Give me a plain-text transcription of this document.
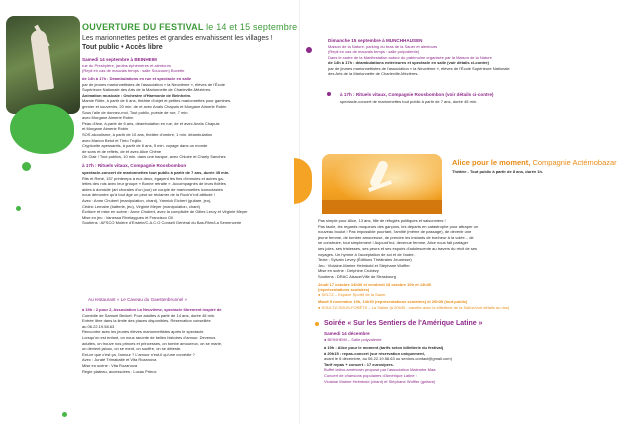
OUVERTURE DU FESTIVAL le 14 et 15 septembre
Les marionnettes petites et grandes envahissent les villages !
Tout public • Accès libre
Samedi 14 septembre à BEINHEIM
rue du Presbytère, jardins éphémères et alentours
(Repli en cas de mauvais temps : salle Soucoum) Buvette
de 14h à 17h : Déambulations en rue et spectacle en salle
par de jeunes marionnettistes de l'association « la Neuvième », élèves de l'École
Supérieure Nationale des Arts de la Marionnette de Charleville-Mézières.
Animation musicale : Orchestre d'Harmonie de Beinheim.
Mamie Rötie, à partir de 6 ans, théâtre d'objet et petites marionnettes pour gamines,
grenier et souvenirs, 20 min. de et avec Anaïs Chapuis et Morgane Aimerie Robin
Sous l'aile de donnez-moi, Tout public, poésie de rue, 7 min.
avec Morgane Aimerie Robin
Peau d'âne, à partir de 6 ans, déambulation en rue, de et avec Anaïs Chapuis
et Morgane Aimerie Robin
SOS alcoolisme, à partir de 10 ans, théâtre d'ombre, 1 min. déambulation
avec Marion Belot et Théo Trujillo
Cryptonite apessantis, à partir de 6 ans, 5 min. voyage dans un monde
de sons et de reflets, de et avec Alice Chêne
Oh Clair ! Tout publics, 10 min. dans une barque, avec Chloée et Charly Sanchez
à 17h : Rituels vitaux, Compagnie Roosbombon
spectacle-concert de marionnettes tout public à partir de 7 ans, durée 45 min.
Rits et René, 157 printemps à eux deux, égayent les fins d'ennuies et autres ga-
lettes des rois avec leur groupe « Bonne retraite ». Accompagnés de leurs fidèles
aides à domicile (art chorales d'un jour) ce couple de marionnettes iconoclastes
nous démontre qu'à tout âge on peut se réclamer de la Rock'n'roll attitude !
Avec : Anne Chubert (manipulation, chant), Yannick Eichert (guitare, jeu),
Cédric Lemaire (batterie, jeu), Virginie Meyer (manipulation, chant)
Écriture et mise en scène : Anne Chubert, avec la complicité de Gilles Leroy et Virginie Meyer
Mise en jeu : Vanessa Rivelaygues et Francisco Gil
Soutiens : AFSCO Molère d'Erstein/C.A.C.O Conseil Général du Bas-Rhin/La Semencerie
Au restaurant « Le Caveau du Gaestenbrunnel »
à 19h : 2 pour 2, Association La Neuvième, spectacle librement inspiré de
Comédie de Samuel Becket. Pour adultes à partir de 14 ans, durée 45 min.
Entrée libre dans la limite des places disponibles. Réservation conseillée
au 06.22.19.58.63
Rencontre avec les jeunes élèves marionnettistes après le spectacle.
Lorsqu'on est enfant, on nous raconte de belles histoires d'amour. Devenus
adultes, on trouve nos princes et princesses, on tombe amoureux, on se marie,
on devient jaloux, on se ment, on souffre, on se déteste.
Est-ce que c'est ça, l'amour ? L'amour n'est-il qu'une comédie ?
Avec : Juraté Trimakaité et Vita Rozanova
Mise en scène : Vita Rozanova
Régie plateau, accessoires : Lucas Prieux
Dimanche 15 septembre à MUNCHHAUSEN
Maison de la Nature, parking du bras de la Sauer et alentours
(Repli en cas de mauvais temps : salle polyvalente)
Dans le cadre de la Manifestation autour du patrimoine organisée par la Maison de la Nature
de 14h à 17h : déambulations extérieures et spectacle en salle (voir détails ci-contre)
par de jeunes marionnettistes de l'association « la Neuvième », élèves de l'École Supérieure Nationale
des Arts de la Marionnette de Charleville-Mézières.
à 17h : Rituels vitaux, Compagnie Roosbombon (voir détails ci-contre)
spectacle-concert de marionnettes tout public à partir de 7 ans, durée 45 min.
Alice pour le moment, Compagnie Actémobazar
Théâtre - Tout public à partir de 8 ans, durée 1h.
Pas simple pour Alice, 13 ans, fille de réfugiés politiques et saisonniers !
Pas facile, les regards moqueurs des garçons, les départs en catastrophe pour attraper un
nouveau boulot ! Pas impossible pourtant, l'amitié (même de passage), de devenir une
jeune femme, de tomber amoureuse, de prendre les instants de bonheur à la volée... de
se construire, tout simplement ! Aujourd'hui, devenue femme, Alice nous fait partager
ses joies, ses tristesses, ses peurs et ses espoirs d'adolescente au travers du récit de ses
voyages. Un hymne à l'acceptation de soi et de l'autre.
Texte : Sylvain Levey (Éditions Théâtrales Jeunesse)
Jeu : Violaine-Marine Helmbold et Stéphane Woffler
Mise en scène : Delphine Crubézy
Soutiens : DRAC Alsace/Ville de Strasbourg
Jeudi 17 octobre 14h30 et vendredi 18 octobre 10h et 14h30
(représentations scolaires)
● SELTZ – Espace Sportif de la Sauer
Mardi 5 novembre 10h, 14h30 (représentations scolaires) et 20h30 (tout public)
● SOULTZ-SOUS-FORÊTS – La Saline (à 20h30 : navette avec la billetterie de la Saline/voir détails au dos)
Soirée « Sur les Sentiers de l'Amérique Latine »
Samedi 14 décembre
● BEINHEIM – Salle polyvalente
à 19h : Alice pour le moment (tarifs selon billetterie du festival)
à 20h15 : repas-concert (sur réservation uniquement,
avant le 6 décembre, au 06.22.19.58.63 ou seniors.contact@gmail.com)
Tarif repas + concert : 17 euros/pers.
Buffet latino-américain proposé par l'association Malembe Maa
Concert de chansons populaires d'Amérique Latine :
Violaine Marine Helmbold (chant) et Stéphane Woffler (guitare)
